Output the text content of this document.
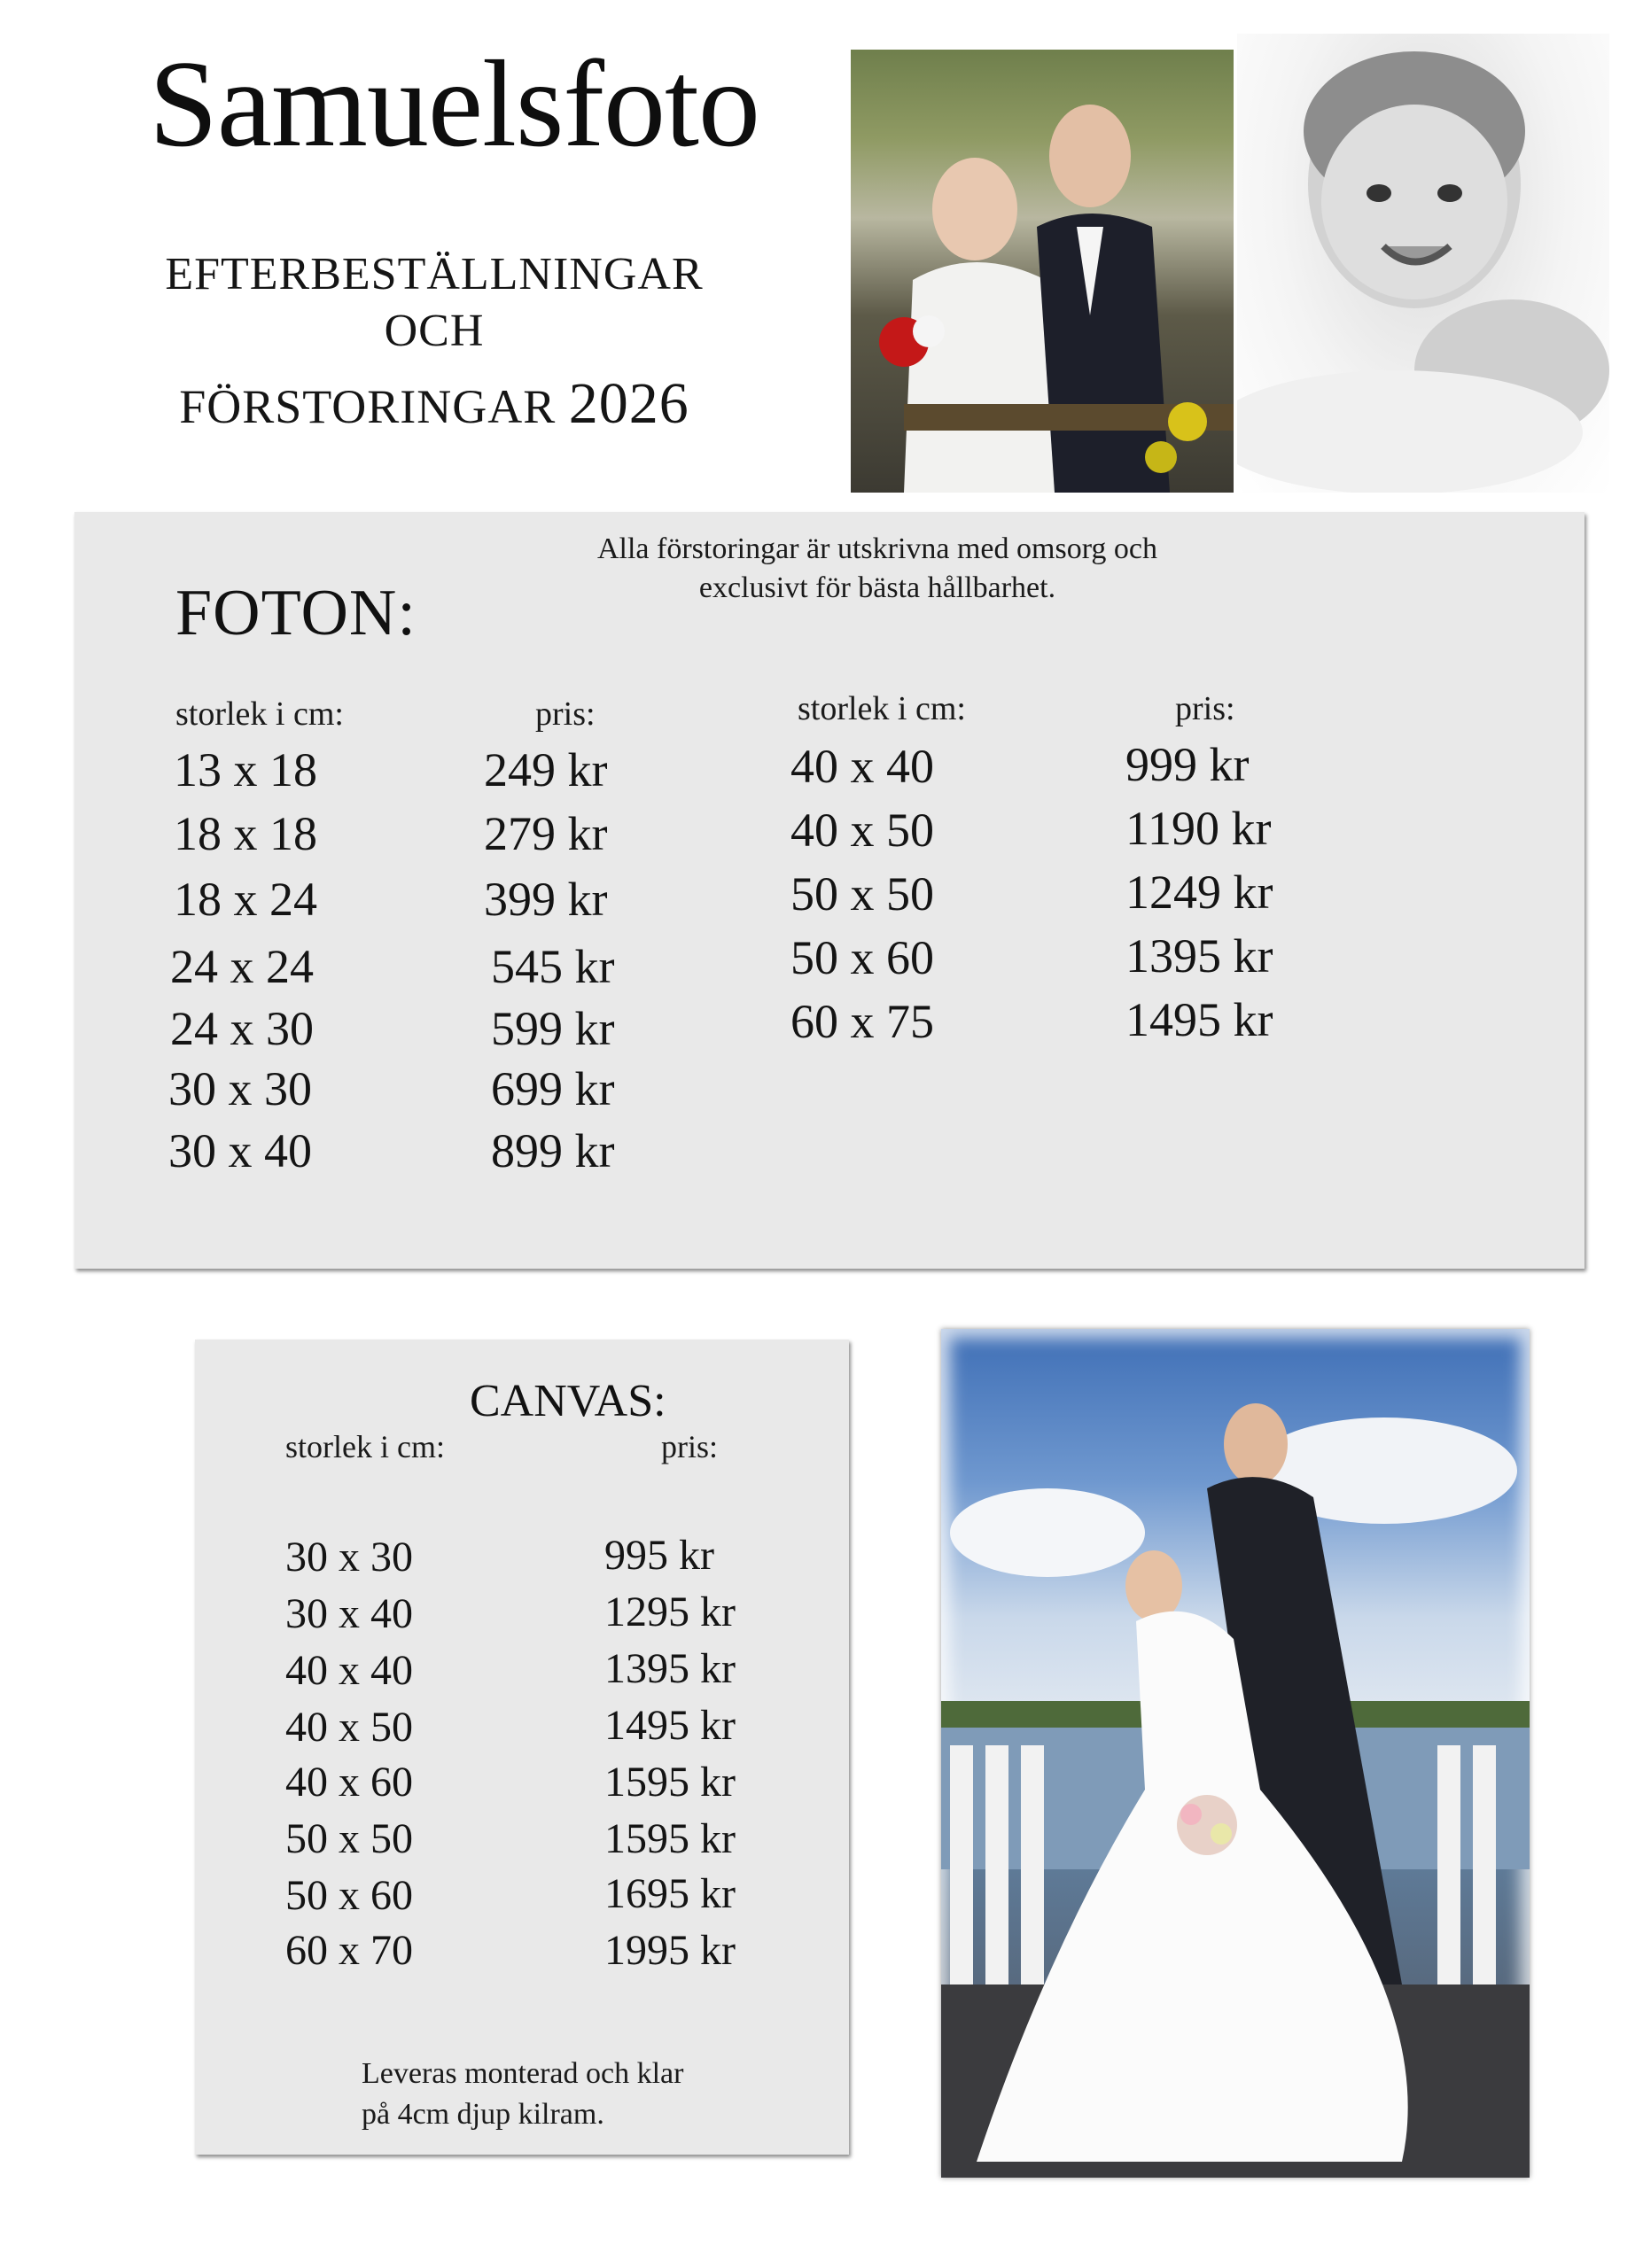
Samuelsfoto
EFTERBESTÄLLNINGAR
OCH
FÖRSTORINGAR 2026
Alla förstoringar är utskrivna med omsorg och
exclusivt för bästa hållbarhet.
FOTON:
storlek i cm:	pris:	storlek i cm:	pris:
13 x 18	249 kr
18 x 18	279 kr
18 x 24	399 kr
24 x 24	545 kr
24 x 30	599 kr
30 x 30	699 kr
30 x 40	899 kr
40 x 40	999 kr
40 x 50	1190 kr
50 x 50	1249 kr
50 x 60	1395 kr
60 x 75	1495 kr
CANVAS:
storlek i cm:	pris:
30 x 30	995 kr
30 x 40	1295 kr
40 x 40	1395 kr
40 x 50	1495 kr
40 x 60	1595 kr
50 x 50	1595 kr
50 x 60	1695 kr
60 x 70	1995 kr
Leveras monterad och klar
på 4cm djup kilram.
